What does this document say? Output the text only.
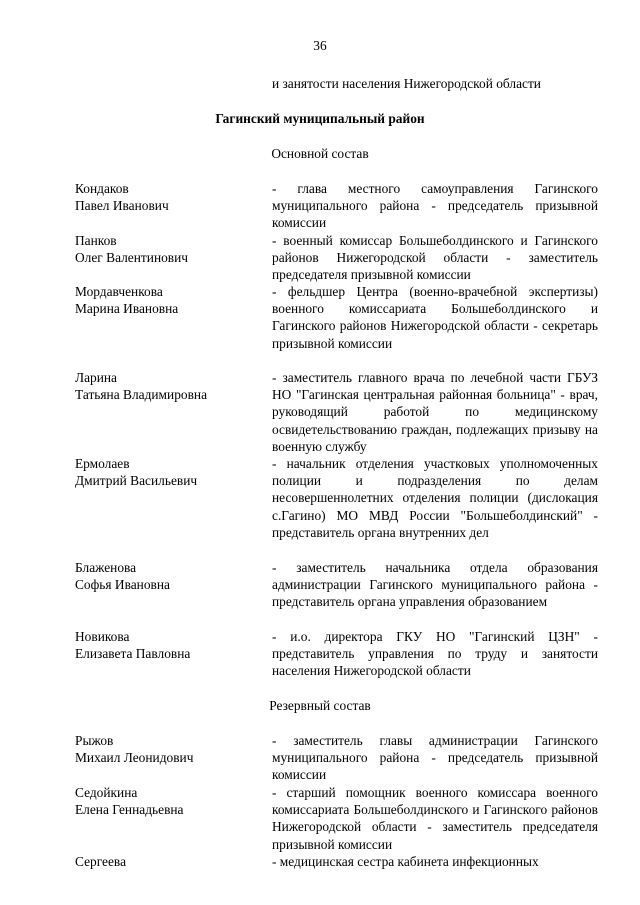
36
и занятости населения Нижегородской области
Гагинский муниципальный район
Основной состав
Кондаков
Павел Иванович
- глава местного самоуправления Гагинского муниципального района - председатель призывной комиссии
Панков
Олег Валентинович
- военный комиссар Большеболдинского и Гагинского районов Нижегородской области - заместитель председателя призывной комиссии
Мордавченкова
Марина Ивановна
- фельдшер Центра (военно-врачебной экспертизы) военного комиссариата Большеболдинского и Гагинского районов Нижегородской области - секретарь призывной комиссии
Ларина
Татьяна Владимировна
- заместитель главного врача по лечебной части ГБУЗ НО "Гагинская центральная районная больница" - врач, руководящий работой по медицинскому освидетельствованию граждан, подлежащих призыву на военную службу
Ермолаев
Дмитрий Васильевич
- начальник отделения участковых уполномоченных полиции и подразделения по делам несовершеннолетних отделения полиции (дислокация с.Гагино) МО МВД России "Большеболдинский" - представитель органа внутренних дел
Блаженова
Софья Ивановна
- заместитель начальника отдела образования администрации Гагинского муниципального района - представитель органа управления образованием
Новикова
Елизавета Павловна
- и.о. директора ГКУ НО "Гагинский ЦЗН" - представитель управления по труду и занятости населения Нижегородской области
Резервный состав
Рыжов
Михаил Леонидович
- заместитель главы администрации Гагинского муниципального района - председатель призывной комиссии
Седойкина
Елена Геннадьевна
- старший помощник военного комиссара военного комиссариата Большеболдинского и Гагинского районов Нижегородской области - заместитель председателя призывной комиссии
Сергеева	- медицинская сестра кабинета инфекционных
